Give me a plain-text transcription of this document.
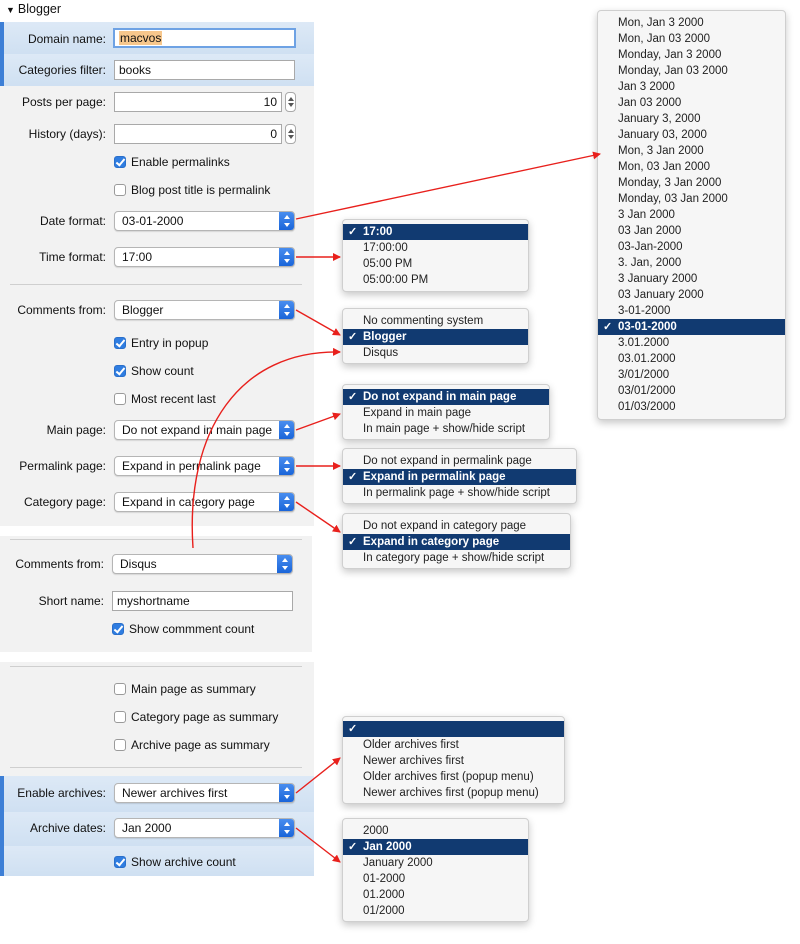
▼ Blogger
Domain name:	macvos
Categories filter:	books
Posts per page:	10
History (days):	0
Enable permalinks
Blog post title is permalink
Date format:	03-01-2000
Time format:	17:00
Comments from:	Blogger
Entry in popup
Show count
Most recent last
Main page:	Do not expand in main page
Permalink page:	Expand in permalink page
Category page:	Expand in category page
Comments from:	Disqus
Short name:	myshortname
Show commment count
Main page as summary
Category page as summary
Archive page as summary
Enable archives:	Newer archives first
Archive dates:	Jan 2000
Show archive count
Mon, Jan 3 2000
Mon, Jan 03 2000
Monday, Jan 3 2000
Monday, Jan 03 2000
Jan 3 2000
Jan 03 2000
January 3, 2000
January 03, 2000
Mon, 3 Jan 2000
Mon, 03 Jan 2000
Monday, 3 Jan 2000
Monday, 03 Jan 2000
3 Jan 2000
03 Jan 2000
03-Jan-2000
3. Jan, 2000
3 January 2000
03 January 2000
3-01-2000
✓ 03-01-2000
3.01.2000
03.01.2000
3/01/2000
03/01/2000
01/03/2000
✓ 17:00
17:00:00
05:00 PM
05:00:00 PM
No commenting system
✓ Blogger
Disqus
✓ Do not expand in main page
Expand in main page
In main page + show/hide script
Do not expand in permalink page
✓ Expand in permalink page
In permalink page + show/hide script
Do not expand in category page
✓ Expand in category page
In category page + show/hide script
✓
Older archives first
Newer archives first
Older archives first (popup menu)
Newer archives first (popup menu)
2000
✓ Jan 2000
January 2000
01-2000
01.2000
01/2000
